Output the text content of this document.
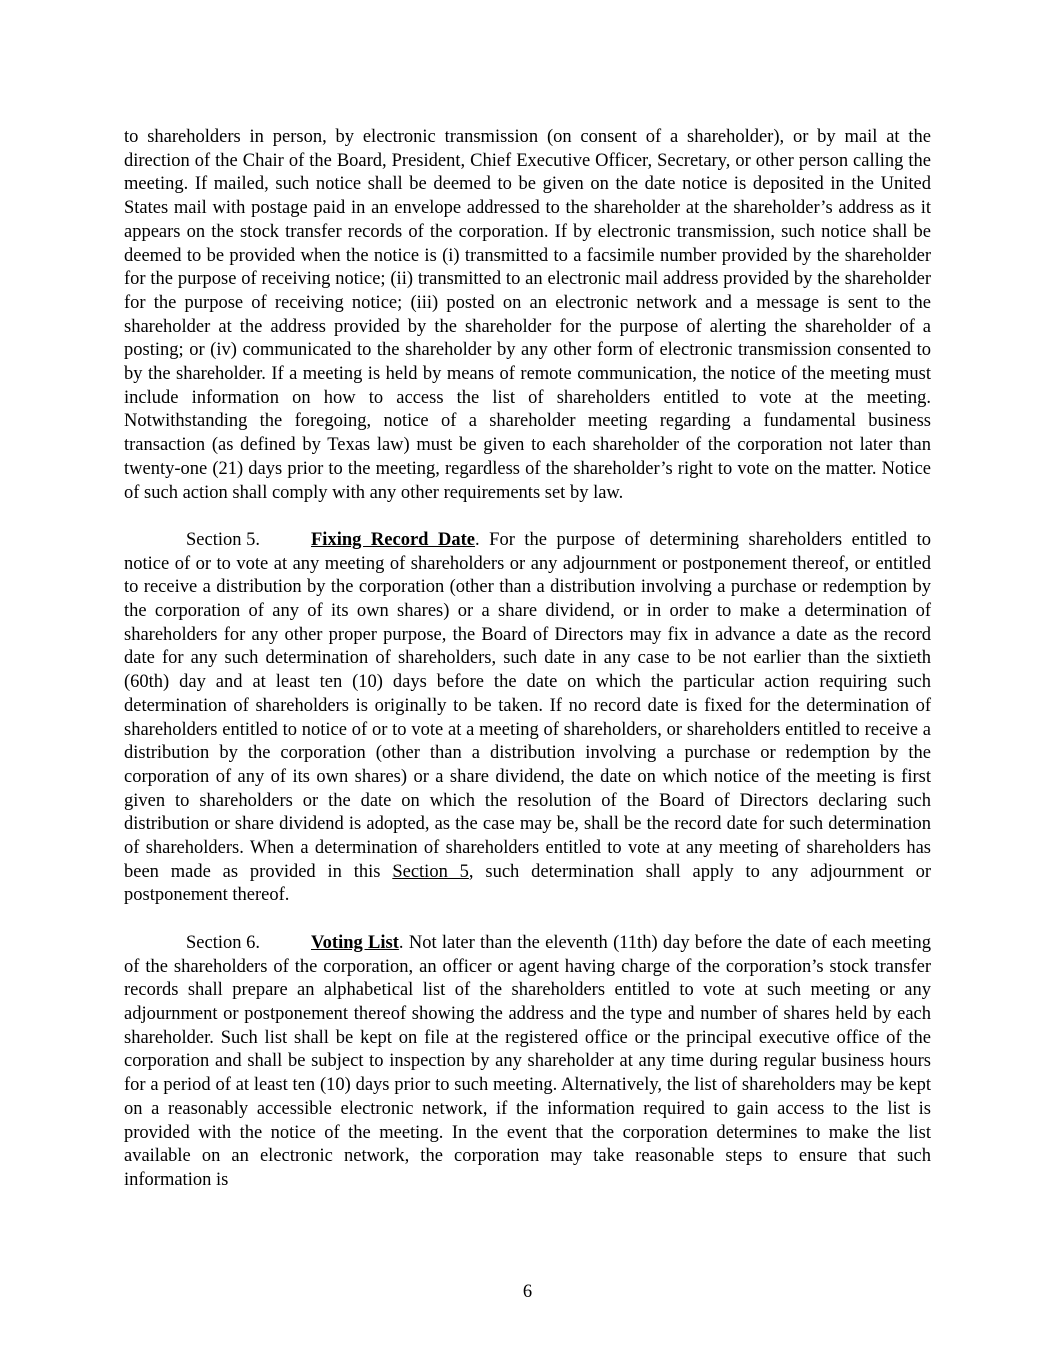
to shareholders in person, by electronic transmission (on consent of a shareholder), or by mail at the direction of the Chair of the Board, President, Chief Executive Officer, Secretary, or other person calling the meeting. If mailed, such notice shall be deemed to be given on the date notice is deposited in the United States mail with postage paid in an envelope addressed to the shareholder at the shareholder’s address as it appears on the stock transfer records of the corporation. If by electronic transmission, such notice shall be deemed to be provided when the notice is (i) transmitted to a facsimile number provided by the shareholder for the purpose of receiving notice; (ii) transmitted to an electronic mail address provided by the shareholder for the purpose of receiving notice; (iii) posted on an electronic network and a message is sent to the shareholder at the address provided by the shareholder for the purpose of alerting the shareholder of a posting; or (iv) communicated to the shareholder by any other form of electronic transmission consented to by the shareholder. If a meeting is held by means of remote communication, the notice of the meeting must include information on how to access the list of shareholders entitled to vote at the meeting. Notwithstanding the foregoing, notice of a shareholder meeting regarding a fundamental business transaction (as defined by Texas law) must be given to each shareholder of the corporation not later than twenty-one (21) days prior to the meeting, regardless of the shareholder’s right to vote on the matter. Notice of such action shall comply with any other requirements set by law.

Section 5.	Fixing Record Date. For the purpose of determining shareholders entitled to notice of or to vote at any meeting of shareholders or any adjournment or postponement thereof, or entitled to receive a distribution by the corporation (other than a distribution involving a purchase or redemption by the corporation of any of its own shares) or a share dividend, or in order to make a determination of shareholders for any other proper purpose, the Board of Directors may fix in advance a date as the record date for any such determination of shareholders, such date in any case to be not earlier than the sixtieth (60th) day and at least ten (10) days before the date on which the particular action requiring such determination of shareholders is originally to be taken. If no record date is fixed for the determination of shareholders entitled to notice of or to vote at a meeting of shareholders, or shareholders entitled to receive a distribution by the corporation (other than a distribution involving a purchase or redemption by the corporation of any of its own shares) or a share dividend, the date on which notice of the meeting is first given to shareholders or the date on which the resolution of the Board of Directors declaring such distribution or share dividend is adopted, as the case may be, shall be the record date for such determination of shareholders. When a determination of shareholders entitled to vote at any meeting of shareholders has been made as provided in this Section 5, such determination shall apply to any adjournment or postponement thereof.

Section 6.	Voting List. Not later than the eleventh (11th) day before the date of each meeting of the shareholders of the corporation, an officer or agent having charge of the corporation’s stock transfer records shall prepare an alphabetical list of the shareholders entitled to vote at such meeting or any adjournment or postponement thereof showing the address and the type and number of shares held by each shareholder. Such list shall be kept on file at the registered office or the principal executive office of the corporation and shall be subject to inspection by any shareholder at any time during regular business hours for a period of at least ten (10) days prior to such meeting. Alternatively, the list of shareholders may be kept on a reasonably accessible electronic network, if the information required to gain access to the list is provided with the notice of the meeting. In the event that the corporation determines to make the list available on an electronic network, the corporation may take reasonable steps to ensure that such information is

6
